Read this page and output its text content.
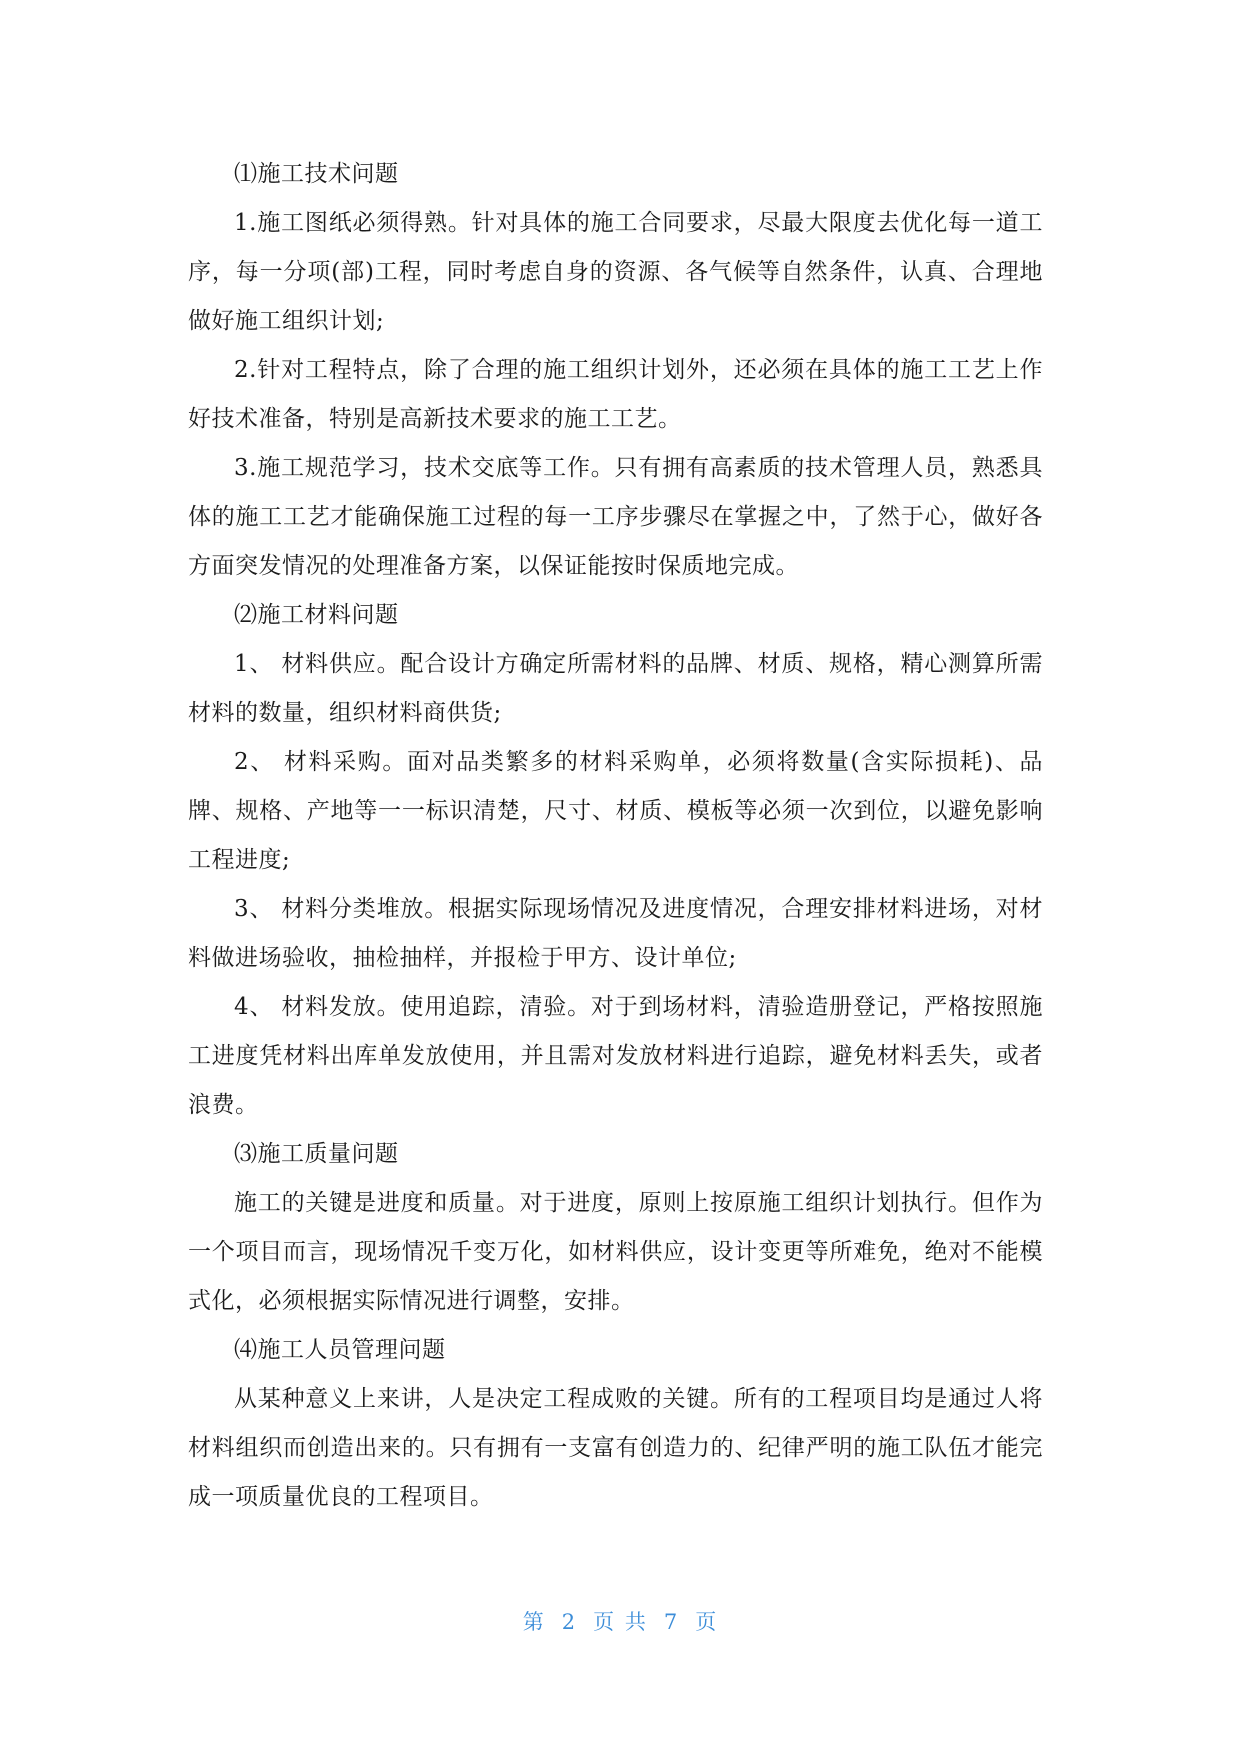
⑴施工技术问题

1.施工图纸必须得熟。针对具体的施工合同要求，尽最大限度去优化每一道工序，每一分项(部)工程，同时考虑自身的资源、各气候等自然条件，认真、合理地做好施工组织计划;

2.针对工程特点，除了合理的施工组织计划外，还必须在具体的施工工艺上作好技术准备，特别是高新技术要求的施工工艺。

3.施工规范学习，技术交底等工作。只有拥有高素质的技术管理人员，熟悉具体的施工工艺才能确保施工过程的每一工序步骤尽在掌握之中，了然于心，做好各方面突发情况的处理准备方案，以保证能按时保质地完成。

⑵施工材料问题

1、 材料供应。配合设计方确定所需材料的品牌、材质、规格，精心测算所需材料的数量，组织材料商供货;

2、 材料采购。面对品类繁多的材料采购单，必须将数量(含实际损耗)、品牌、规格、产地等一一标识清楚，尺寸、材质、模板等必须一次到位，以避免影响工程进度;

3、 材料分类堆放。根据实际现场情况及进度情况，合理安排材料进场，对材料做进场验收，抽检抽样，并报检于甲方、设计单位;

4、 材料发放。使用追踪，清验。对于到场材料，清验造册登记，严格按照施工进度凭材料出库单发放使用，并且需对发放材料进行追踪，避免材料丢失，或者浪费。

⑶施工质量问题

施工的关键是进度和质量。对于进度，原则上按原施工组织计划执行。但作为一个项目而言，现场情况千变万化，如材料供应，设计变更等所难免，绝对不能模式化，必须根据实际情况进行调整，安排。

⑷施工人员管理问题

从某种意义上来讲，人是决定工程成败的关键。所有的工程项目均是通过人将材料组织而创造出来的。只有拥有一支富有创造力的、纪律严明的施工队伍才能完成一项质量优良的工程项目。

第 2 页 共 7 页
